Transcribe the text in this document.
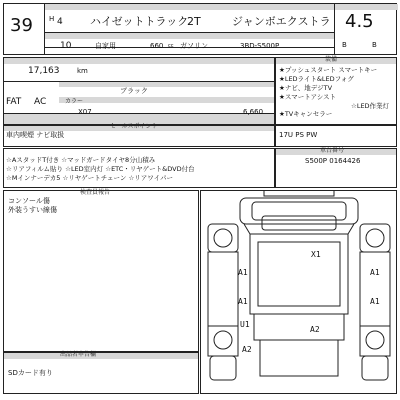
39 H 4 ハイゼットトラック
2T	ジャンボエクストラ 4.5
10	自家用	660 cc ガソリン	3BD-S500P	B	B
17,163	km
FAT AC	カラー
ブラック
X07	6,660
装備
★プッシュスタート スマートキー
★LEDライト&LEDフォグ
★ナビ、地デジTV
★スマートアシスト
★TVキャンセラー
☆LED作業灯
セールスポイント
車内喫煙 ナビ取扱	17U PS PW
☆AスタッドT付き ☆マッドガードタイヤ8分山積み
☆リアフィルム貼り ☆LED室内灯 ☆ETC・リヤゲート&DVD付台
☆Mインナーデカ5 ☆リヤゲートチェーン ☆リアワイパー
車台番号
S500P 0164426
検査員報告
コンソール傷
外装うすい線傷
出品者申告欄
SDカード有り
X1
A1	A1
A1	A1
U1
A2
A2
